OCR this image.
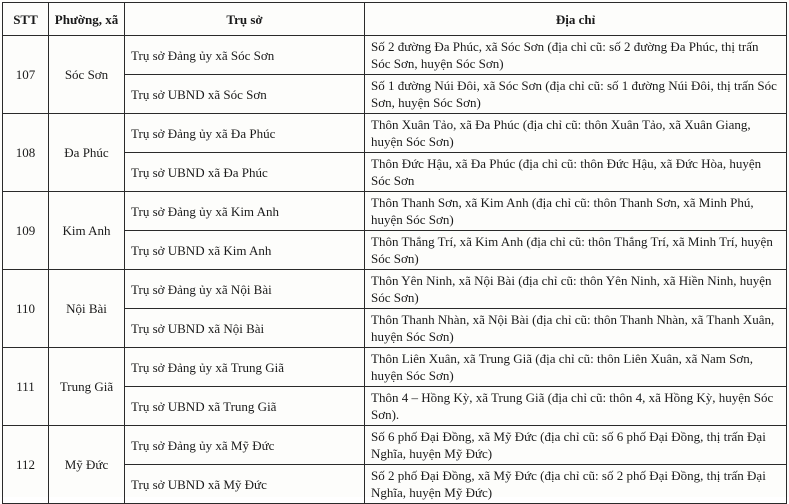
STT	Phường, xã	Trụ sở	Địa chỉ
107	Sóc Sơn	Trụ sở Đảng ủy xã Sóc Sơn	Số 2 đường Đa Phúc, xã Sóc Sơn (địa chỉ cũ: số 2 đường Đa Phúc, thị trấn Sóc Sơn, huyện Sóc Sơn)
		Trụ sở UBND xã Sóc Sơn	Số 1 đường Núi Đôi, xã Sóc Sơn (địa chỉ cũ: số 1 đường Núi Đôi, thị trấn Sóc Sơn, huyện Sóc Sơn)
108	Đa Phúc	Trụ sở Đảng ủy xã Đa Phúc	Thôn Xuân Tảo, xã Đa Phúc (địa chỉ cũ: thôn Xuân Tảo, xã Xuân Giang, huyện Sóc Sơn)
		Trụ sở UBND xã Đa Phúc	Thôn Đức Hậu, xã Đa Phúc (địa chỉ cũ: thôn Đức Hậu, xã Đức Hòa, huyện Sóc Sơn
109	Kim Anh	Trụ sở Đảng ủy xã Kim Anh	Thôn Thanh Sơn, xã Kim Anh (địa chỉ cũ: thôn Thanh Sơn, xã Minh Phú, huyện Sóc Sơn)
		Trụ sở UBND xã Kim Anh	Thôn Thắng Trí, xã Kim Anh (địa chỉ cũ: thôn Thắng Trí, xã Minh Trí, huyện Sóc Sơn)
110	Nội Bài	Trụ sở Đảng ủy xã Nội Bài	Thôn Yên Ninh, xã Nội Bài (địa chỉ cũ: thôn Yên Ninh, xã Hiền Ninh, huyện Sóc Sơn)
		Trụ sở UBND xã Nội Bài	Thôn Thanh Nhàn, xã Nội Bài (địa chỉ cũ: thôn Thanh Nhàn, xã Thanh Xuân, huyện Sóc Sơn)
111	Trung Giã	Trụ sở Đảng ủy xã Trung Giã	Thôn Liên Xuân, xã Trung Giã (địa chỉ cũ: thôn Liên Xuân, xã Nam Sơn, huyện Sóc Sơn)
		Trụ sở UBND xã Trung Giã	Thôn 4 – Hồng Kỳ, xã Trung Giã (địa chỉ cũ: thôn 4, xã Hồng Kỳ, huyện Sóc Sơn).
112	Mỹ Đức	Trụ sở Đảng ủy xã Mỹ Đức	Số 6 phố Đại Đồng, xã Mỹ Đức (địa chỉ cũ: số 6 phố Đại Đồng, thị trấn Đại Nghĩa, huyện Mỹ Đức)
		Trụ sở UBND xã Mỹ Đức	Số 2 phố Đại Đồng, xã Mỹ Đức (địa chỉ cũ: số 2 phố Đại Đồng, thị trấn Đại Nghĩa, huyện Mỹ Đức)
